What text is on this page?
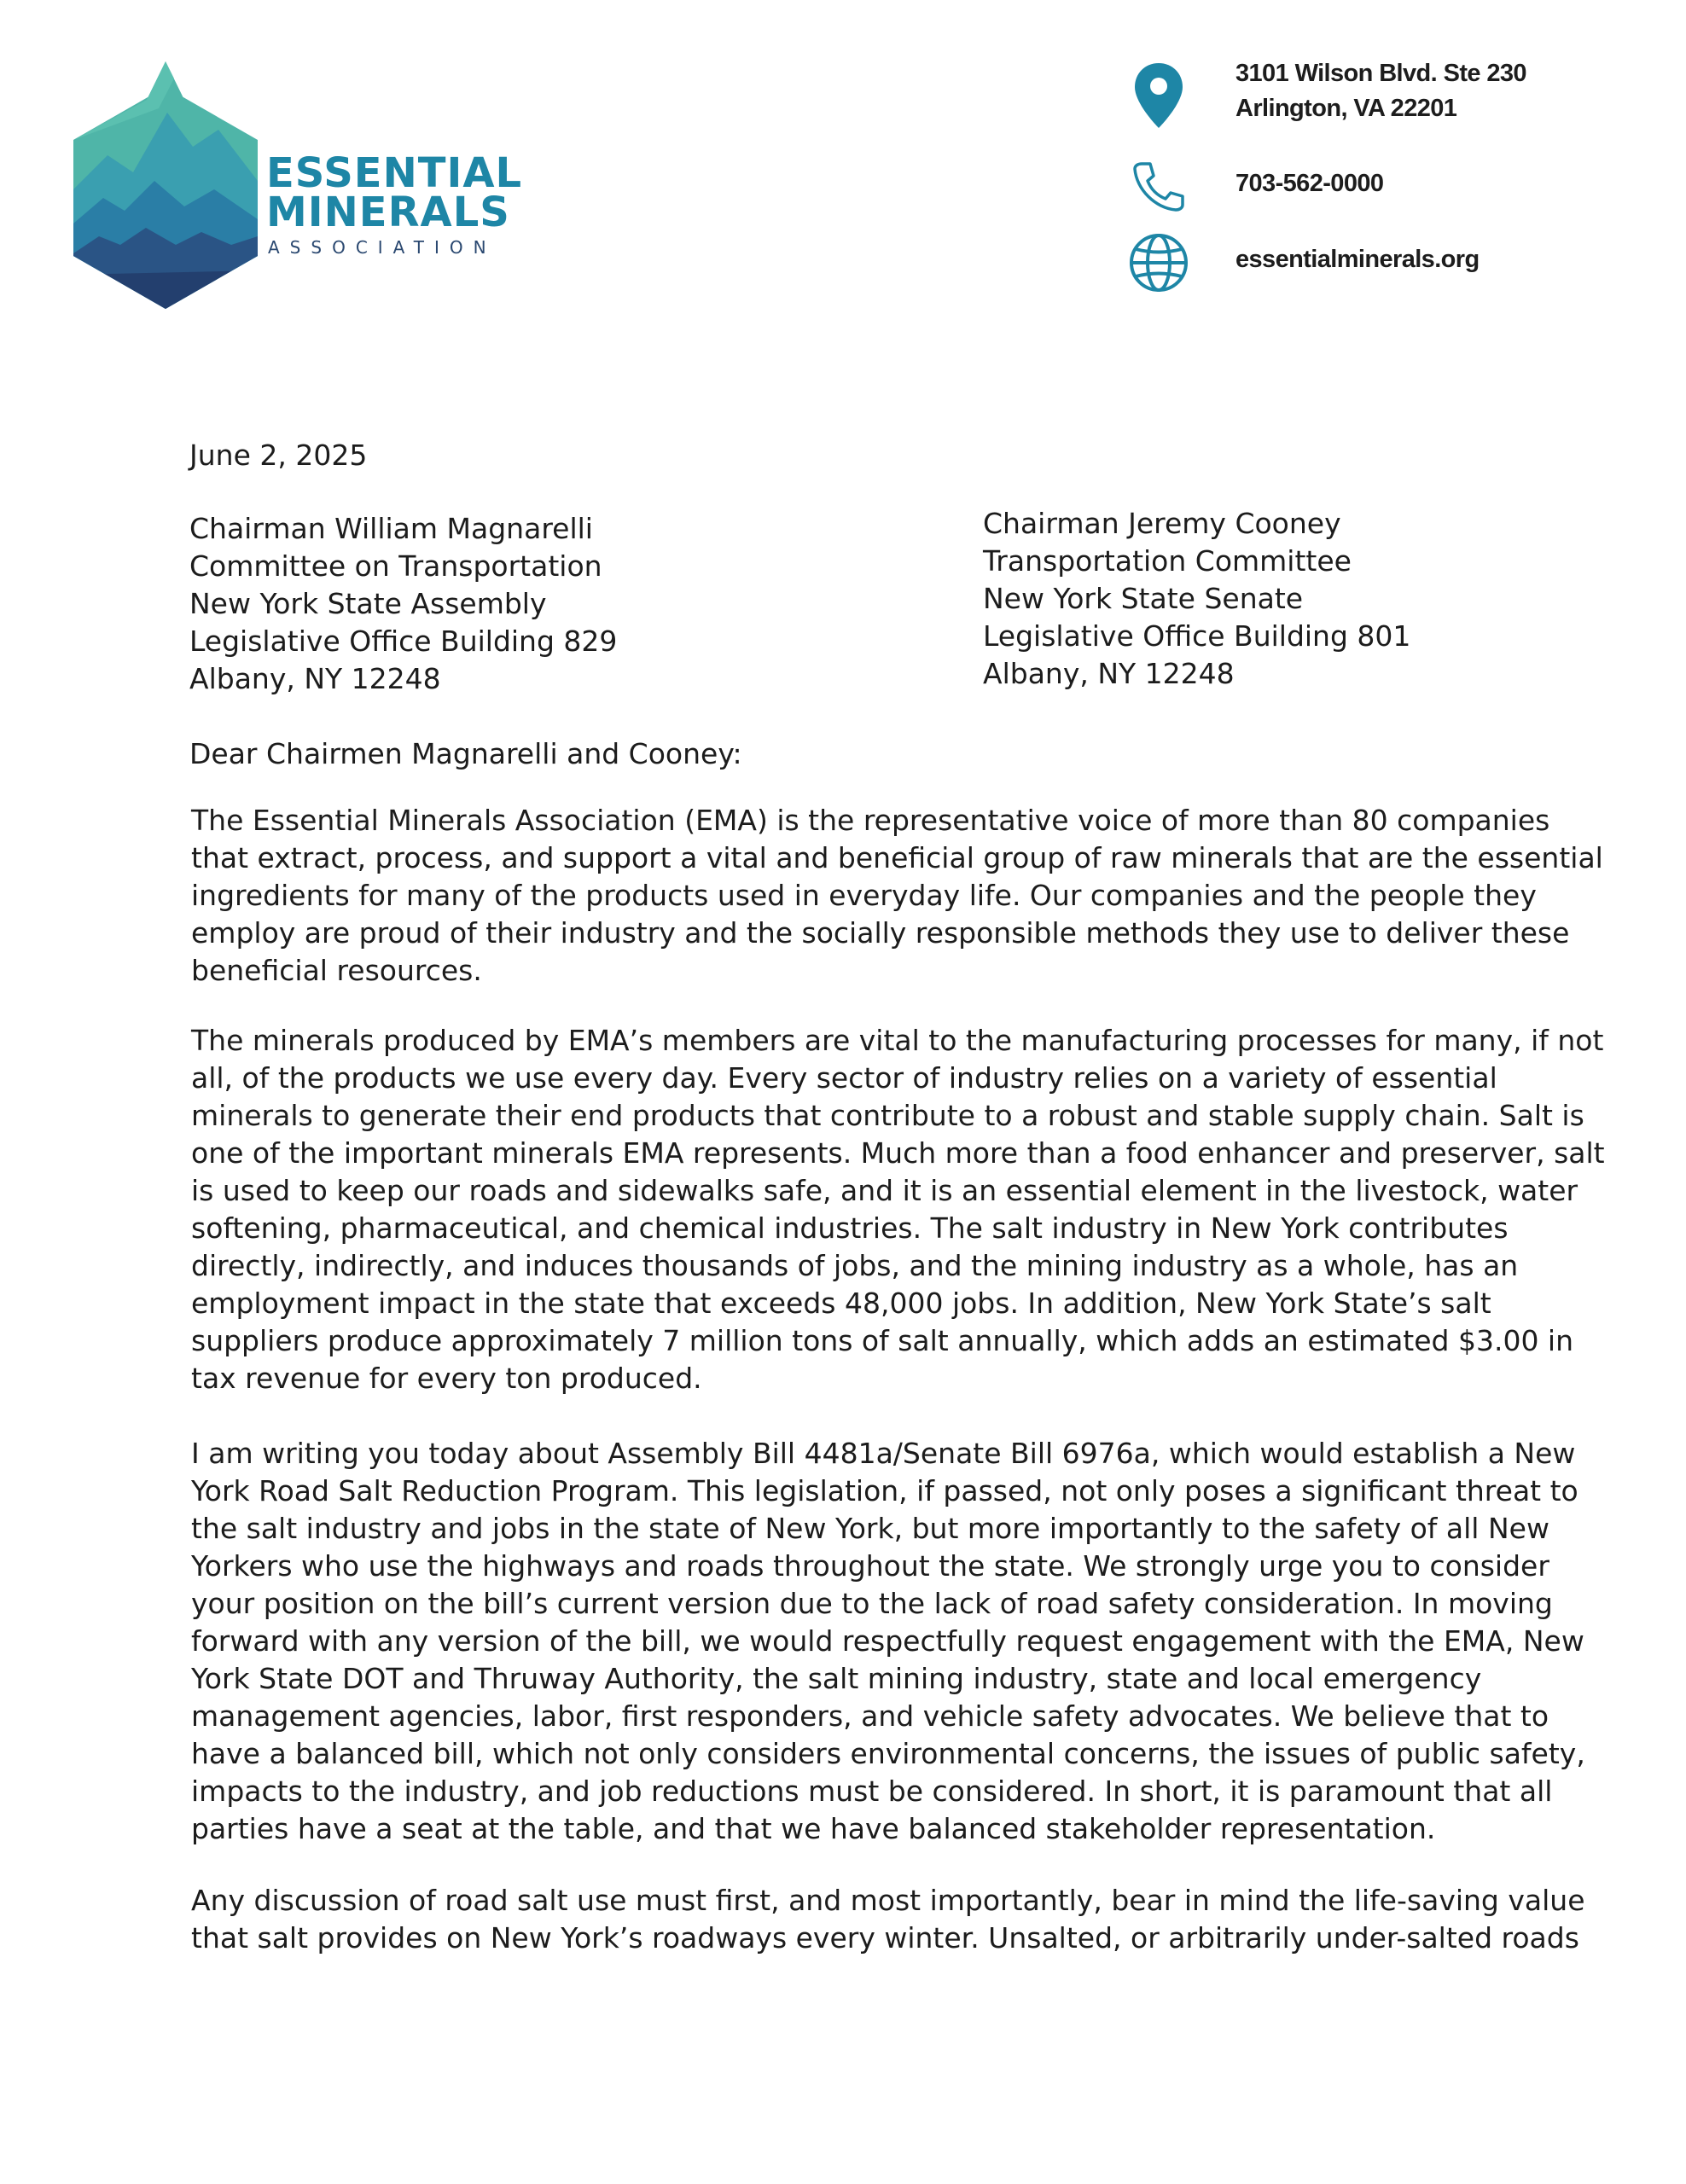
ESSENTIAL
MINERALS
ASSOCIATION
3101 Wilson Blvd. Ste 230
Arlington, VA 22201
703-562-0000
essentialminerals.org
June 2, 2025
Chairman William Magnarelli
Committee on Transportation
New York State Assembly
Legislative Office Building 829
Albany, NY 12248
Chairman Jeremy Cooney
Transportation Committee
New York State Senate
Legislative Office Building 801
Albany, NY 12248
Dear Chairmen Magnarelli and Cooney:
The Essential Minerals Association (EMA) is the representative voice of more than 80 companies
that extract, process, and support a vital and beneficial group of raw minerals that are the essential
ingredients for many of the products used in everyday life. Our companies and the people they
employ are proud of their industry and the socially responsible methods they use to deliver these
beneficial resources.
The minerals produced by EMA’s members are vital to the manufacturing processes for many, if not
all, of the products we use every day. Every sector of industry relies on a variety of essential
minerals to generate their end products that contribute to a robust and stable supply chain. Salt is
one of the important minerals EMA represents. Much more than a food enhancer and preserver, salt
is used to keep our roads and sidewalks safe, and it is an essential element in the livestock, water
softening, pharmaceutical, and chemical industries. The salt industry in New York contributes
directly, indirectly, and induces thousands of jobs, and the mining industry as a whole, has an
employment impact in the state that exceeds 48,000 jobs. In addition, New York State’s salt
suppliers produce approximately 7 million tons of salt annually, which adds an estimated $3.00 in
tax revenue for every ton produced.
I am writing you today about Assembly Bill 4481a/Senate Bill 6976a, which would establish a New
York Road Salt Reduction Program. This legislation, if passed, not only poses a significant threat to
the salt industry and jobs in the state of New York, but more importantly to the safety of all New
Yorkers who use the highways and roads throughout the state. We strongly urge you to consider
your position on the bill’s current version due to the lack of road safety consideration. In moving
forward with any version of the bill, we would respectfully request engagement with the EMA, New
York State DOT and Thruway Authority, the salt mining industry, state and local emergency
management agencies, labor, first responders, and vehicle safety advocates. We believe that to
have a balanced bill, which not only considers environmental concerns, the issues of public safety,
impacts to the industry, and job reductions must be considered. In short, it is paramount that all
parties have a seat at the table, and that we have balanced stakeholder representation.
Any discussion of road salt use must first, and most importantly, bear in mind the life-saving value
that salt provides on New York’s roadways every winter. Unsalted, or arbitrarily under-salted roads
